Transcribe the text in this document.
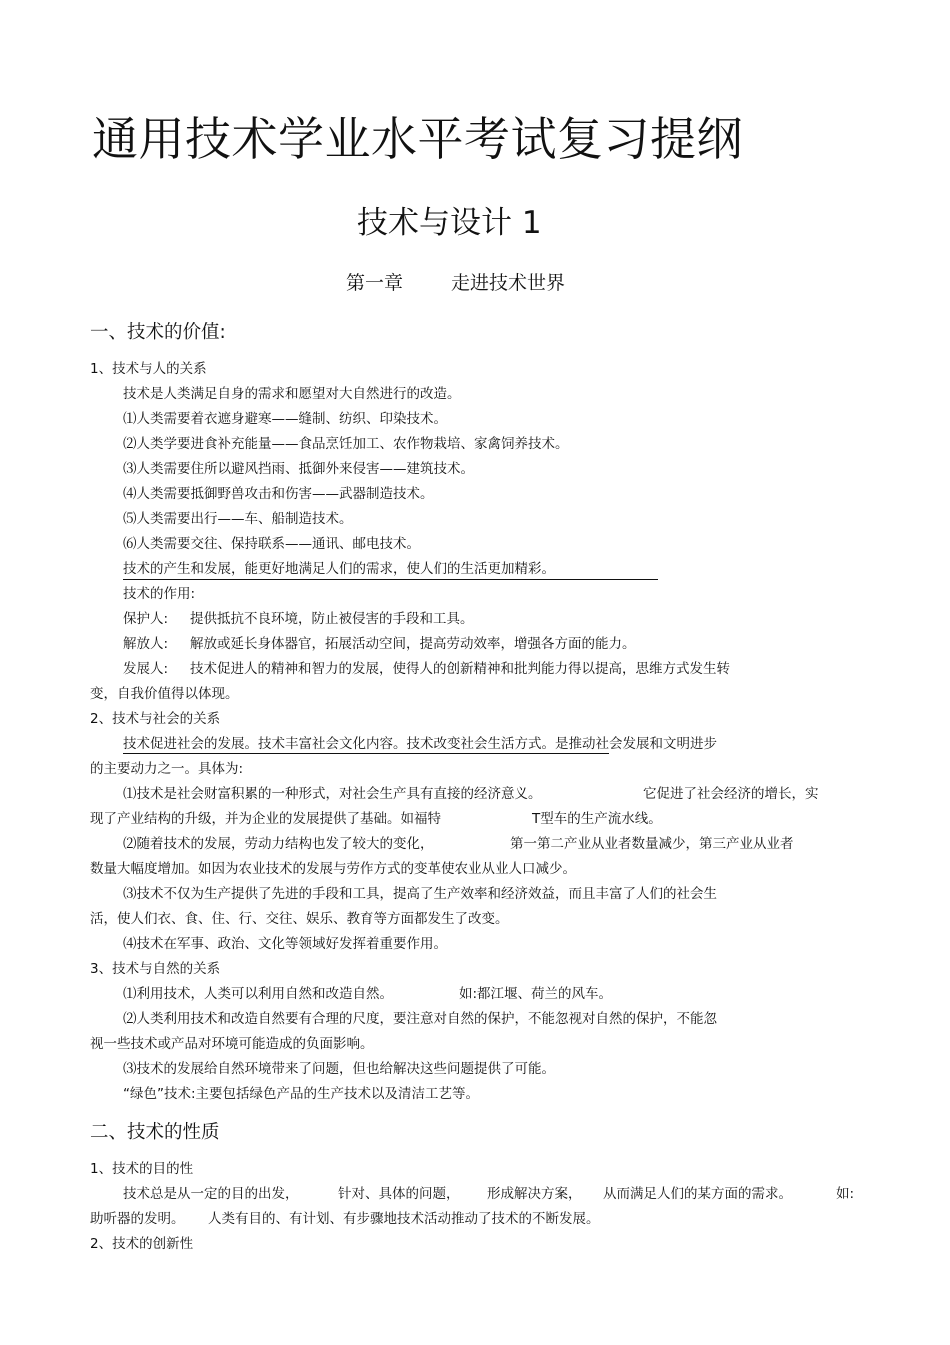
通用技术学业水平考试复习提纲
技术与设计 1
第一章	走进技术世界
一、技术的价值:
1、技术与人的关系
技术是人类满足自身的需求和愿望对大自然进行的改造。
⑴人类需要着衣遮身避寒——缝制、纺织、印染技术。
⑵人类学要进食补充能量——食品烹饪加工、农作物栽培、家禽饲养技术。
⑶人类需要住所以避风挡雨、抵御外来侵害——建筑技术。
⑷人类需要抵御野兽攻击和伤害——武器制造技术。
⑸人类需要出行——车、船制造技术。
⑹人类需要交往、保持联系——通讯、邮电技术。
技术的产生和发展，能更好地满足人们的需求，使人们的生活更加精彩。
技术的作用:
保护人: 提供抵抗不良环境，防止被侵害的手段和工具。
解放人: 解放或延长身体器官，拓展活动空间，提高劳动效率，增强各方面的能力。
发展人: 技术促进人的精神和智力的发展，使得人的创新精神和批判能力得以提高，思维方式发生转
变，自我价值得以体现。
2、技术与社会的关系
技术促进社会的发展。技术丰富社会文化内容。技术改变社会生活方式。是推动社会发展和文明进步
的主要动力之一。具体为:
⑴技术是社会财富积累的一种形式，对社会生产具有直接的经济意义。	它促进了社会经济的增长，实
现了产业结构的升级，并为企业的发展提供了基础。如福特	T型车的生产流水线。
⑵随着技术的发展，劳动力结构也发了较大的变化，	第一第二产业从业者数量减少，第三产业从业者
数量大幅度增加。如因为农业技术的发展与劳作方式的变革使农业从业人口减少。
⑶技术不仅为生产提供了先进的手段和工具，提高了生产效率和经济效益，而且丰富了人们的社会生
活，使人们衣、食、住、行、交往、娱乐、教育等方面都发生了改变。
⑷技术在军事、政治、文化等领域好发挥着重要作用。
3、技术与自然的关系
⑴利用技术，人类可以利用自然和改造自然。	如:都江堰、荷兰的风车。
⑵人类利用技术和改造自然要有合理的尺度，要注意对自然的保护，不能忽视对自然的保护，不能忽
视一些技术或产品对环境可能造成的负面影响。
⑶技术的发展给自然环境带来了问题，但也给解决这些问题提供了可能。
“绿色”技术:主要包括绿色产品的生产技术以及清洁工艺等。
二、技术的性质
1、技术的目的性
技术总是从一定的目的出发，	针对、具体的问题， 形成解决方案， 从而满足人们的某方面的需求。	如:
助听器的发明。 人类有目的、有计划、有步骤地技术活动推动了技术的不断发展。
2、技术的创新性
